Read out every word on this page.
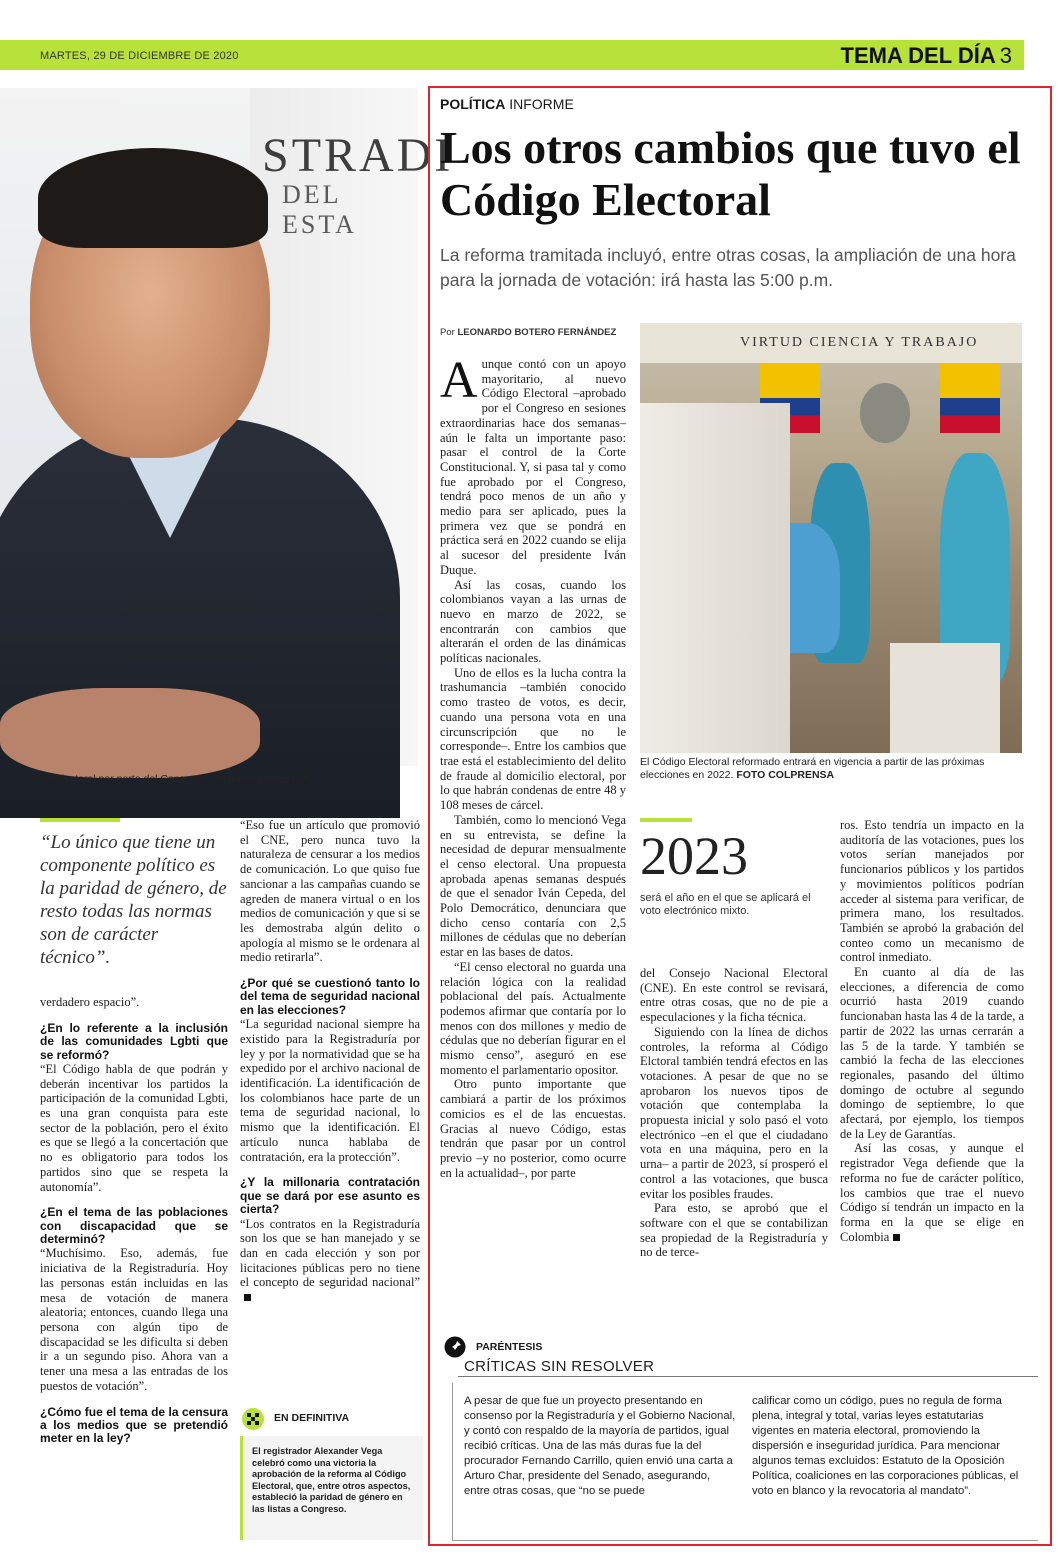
MARTES, 29 DE DICIEMBRE DE 2020	TEMA DEL DÍA 3
STRADI
DEL ESTA
digo Electoral por parte del Congreso. FOTO COLPRENSA
POLÍTICA INFORME
Los otros cambios que tuvo el Código Electoral
La reforma tramitada incluyó, entre otras cosas, la ampliación de una hora para la jornada de votación: irá hasta las 5:00 p.m.
Por LEONARDO BOTERO FERNÁNDEZ
A unque contó con un apoyo mayoritario, al nuevo Código Electoral –aprobado por el Congreso en sesiones extraordinarias hace dos semanas– aún le falta un importante paso: pasar el control de la Corte Constitucional. Y, si pasa tal y como fue aprobado por el Congreso, tendrá poco menos de un año y medio para ser aplicado, pues la primera vez que se pondrá en práctica será en 2022 cuando se elija al sucesor del presidente Iván Duque.

Así las cosas, cuando los colombianos vayan a las urnas de nuevo en marzo de 2022, se encontrarán con cambios que alterarán el orden de las dinámicas políticas nacionales.

Uno de ellos es la lucha contra la trashumancia –también conocido como trasteo de votos, es decir, cuando una persona vota en una circunscripción que no le corresponde–. Entre los cambios que trae está el establecimiento del delito de fraude al domicilio electoral, por lo que habrán condenas de entre 48 y 108 meses de cárcel.

También, como lo mencionó Vega en su entrevista, se define la necesidad de depurar mensualmente el censo electoral. Una propuesta aprobada apenas semanas después de que el senador Iván Cepeda, del Polo Democrático, denunciara que dicho censo contaría con 2,5 millones de cédulas que no deberían estar en las bases de datos.

“El censo electoral no guarda una relación lógica con la realidad poblacional del país. Actualmente podemos afirmar que contaría por lo menos con dos millones y medio de cédulas que no deberían figurar en el mismo censo”, aseguró en ese momento el parlamentario opositor.

Otro punto importante que cambiará a partir de los próximos comicios es el de las encuestas. Gracias al nuevo Código, estas tendrán que pasar por un control previo –y no posterior, como ocurre en la actualidad–, por parte

VIRTUD CIENCIA Y TRABAJO
El Código Electoral reformado entrará en vigencia a partir de las próximas elecciones en 2022. FOTO COLPRENSA
2023
será el año en el que se aplicará el voto electrónico mixto.

del Consejo Nacional Electoral (CNE). En este control se revisará, entre otras cosas, que no de pie a especulaciones y la ficha técnica.

Siguiendo con la línea de dichos controles, la reforma al Código Elctoral también tendrá efectos en las votaciones. A pesar de que no se aprobaron los nuevos tipos de votación que contemplaba la propuesta inicial y solo pasó el voto electrónico –en el que el ciudadano vota en una máquina, pero en la urna– a partir de 2023, sí prosperó el control a las votaciones, que busca evitar los posibles fraudes.

Para esto, se aprobó que el software con el que se contabilizan sea propiedad de la Registraduría y no de terce-

ros. Esto tendría un impacto en la auditoría de las votaciones, pues los votos serían manejados por funcionarios públicos y los partidos y movimientos políticos podrían acceder al sistema para verificar, de primera mano, los resultados. También se aprobó la grabación del conteo como un mecanismo de control inmediato.

En cuanto al día de las elecciones, a diferencia de como ocurrió hasta 2019 cuando funcionaban hasta las 4 de la tarde, a partir de 2022 las urnas cerrarán a las 5 de la tarde. Y también se cambió la fecha de las elecciones regionales, pasando del último domingo de octubre al segundo domingo de septiembre, lo que afectará, por ejemplo, los tiempos de la Ley de Garantías.

Así las cosas, y aunque el registrador Vega defiende que la reforma no fue de carácter político, los cambios que trae el nuevo Código sí tendrán un impacto en la forma en la que se elige en Colombia

“Lo único que tiene un componente político es la paridad de género, de resto todas las normas son de carácter técnico”.

verdadero espacio”.

¿En lo referente a la inclusión de las comunidades Lgbti que se reformó?

“El Código habla de que podrán y deberán incentivar los partidos la participación de la comunidad Lgbti, es una gran conquista para este sector de la población, pero el éxito es que se llegó a la concertación que no es obligatorio para todos los partidos sino que se respeta la autonomía”.

¿En el tema de las poblaciones con discapacidad que se determinó?

“Muchísimo. Eso, además, fue iniciativa de la Registraduría. Hoy las personas están incluidas en las mesa de votación de manera aleatoria; entonces, cuando llega una persona con algún tipo de discapacidad se les dificulta si deben ir a un segundo piso. Ahora van a tener una mesa a las entradas de los puestos de votación”.

¿Cómo fue el tema de la censura a los medios que se pretendió meter en la ley?

“Eso fue un artículo que promovió el CNE, pero nunca tuvo la naturaleza de censurar a los medios de comunicación. Lo que quiso fue sancionar a las campañas cuando se agreden de manera virtual o en los medios de comunicación y que si se les demostraba algún delito o apología al mismo se le ordenara al medio retirarla”.

¿Por qué se cuestionó tanto lo del tema de seguridad nacional en las elecciones?

“La seguridad nacional siempre ha existido para la Registraduría por ley y por la normatividad que se ha expedido por el archivo nacional de identificación. La identificación de los colombianos hace parte de un tema de seguridad nacional, lo mismo que la identificación. El artículo nunca hablaba de contratación, era la protección”.

¿Y la millonaria contratación que se dará por ese asunto es cierta?

“Los contratos en la Registraduría son los que se han manejado y se dan en cada elección y son por licitaciones públicas pero no tiene el concepto de seguridad nacional”

EN DEFINITIVA
El registrador Alexander Vega celebró como una victoria la aprobación de la reforma al Código Electoral, que, entre otros aspectos, estableció la paridad de género en las listas a Congreso.
PARÉNTESIS
CRÍTICAS SIN RESOLVER
A pesar de que fue un proyecto presentando en consenso por la Registraduría y el Gobierno Nacional, y contó con respaldo de la mayoría de partidos, igual recibió críticas. Una de las más duras fue la del procurador Fernando Carrillo, quien envió una carta a Arturo Char, presidente del Senado, asegurando, entre otras cosas, que “no se puede
calificar como un código, pues no regula de forma plena, integral y total, varias leyes estatutarias vigentes en materia electoral, promoviendo la dispersión e inseguridad jurídica. Para mencionar algunos temas excluidos: Estatuto de la Oposición Política, coaliciones en las corporaciones públicas, el voto en blanco y la revocatoria al mandato”.
